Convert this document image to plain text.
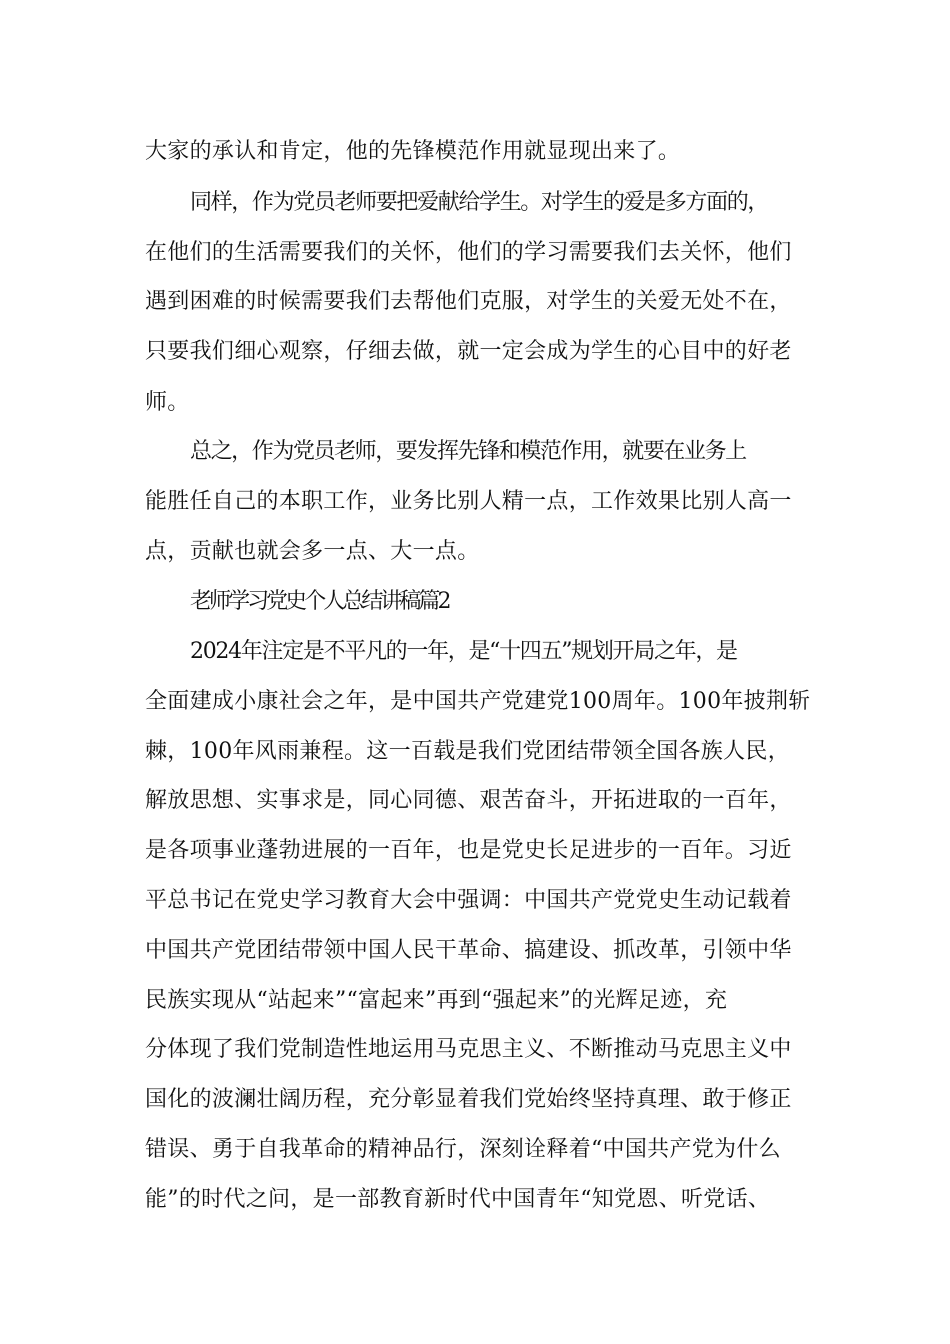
大家的承认和肯定，他的先锋模范作用就显现出来了。
同样，作为党员老师要把爱献给学生。对学生的爱是多方面的，
在他们的生活需要我们的关怀，他们的学习需要我们去关怀，他们
遇到困难的时候需要我们去帮他们克服，对学生的关爱无处不在，
只要我们细心观察，仔细去做，就一定会成为学生的心目中的好老
师。
总之，作为党员老师，要发挥先锋和模范作用，就要在业务上
能胜任自己的本职工作，业务比别人精一点，工作效果比别人高一
点，贡献也就会多一点、大一点。
老师学习党史个人总结讲稿篇2
2024年注定是不平凡的一年，是“十四五”规划开局之年，是
全面建成小康社会之年，是中国共产党建党100周年。100年披荆斩
棘，100年风雨兼程。这一百载是我们党团结带领全国各族人民，
解放思想、实事求是，同心同德、艰苦奋斗，开拓进取的一百年，
是各项事业蓬勃进展的一百年，也是党史长足进步的一百年。习近
平总书记在党史学习教育大会中强调：中国共产党党史生动记载着
中国共产党团结带领中国人民干革命、搞建设、抓改革，引领中华
民族实现从“站起来”“富起来”再到“强起来”的光辉足迹，充
分体现了我们党制造性地运用马克思主义、不断推动马克思主义中
国化的波澜壮阔历程，充分彰显着我们党始终坚持真理、敢于修正
错误、勇于自我革命的精神品行，深刻诠释着“中国共产党为什么
能”的时代之问，是一部教育新时代中国青年“知党恩、听党话、
